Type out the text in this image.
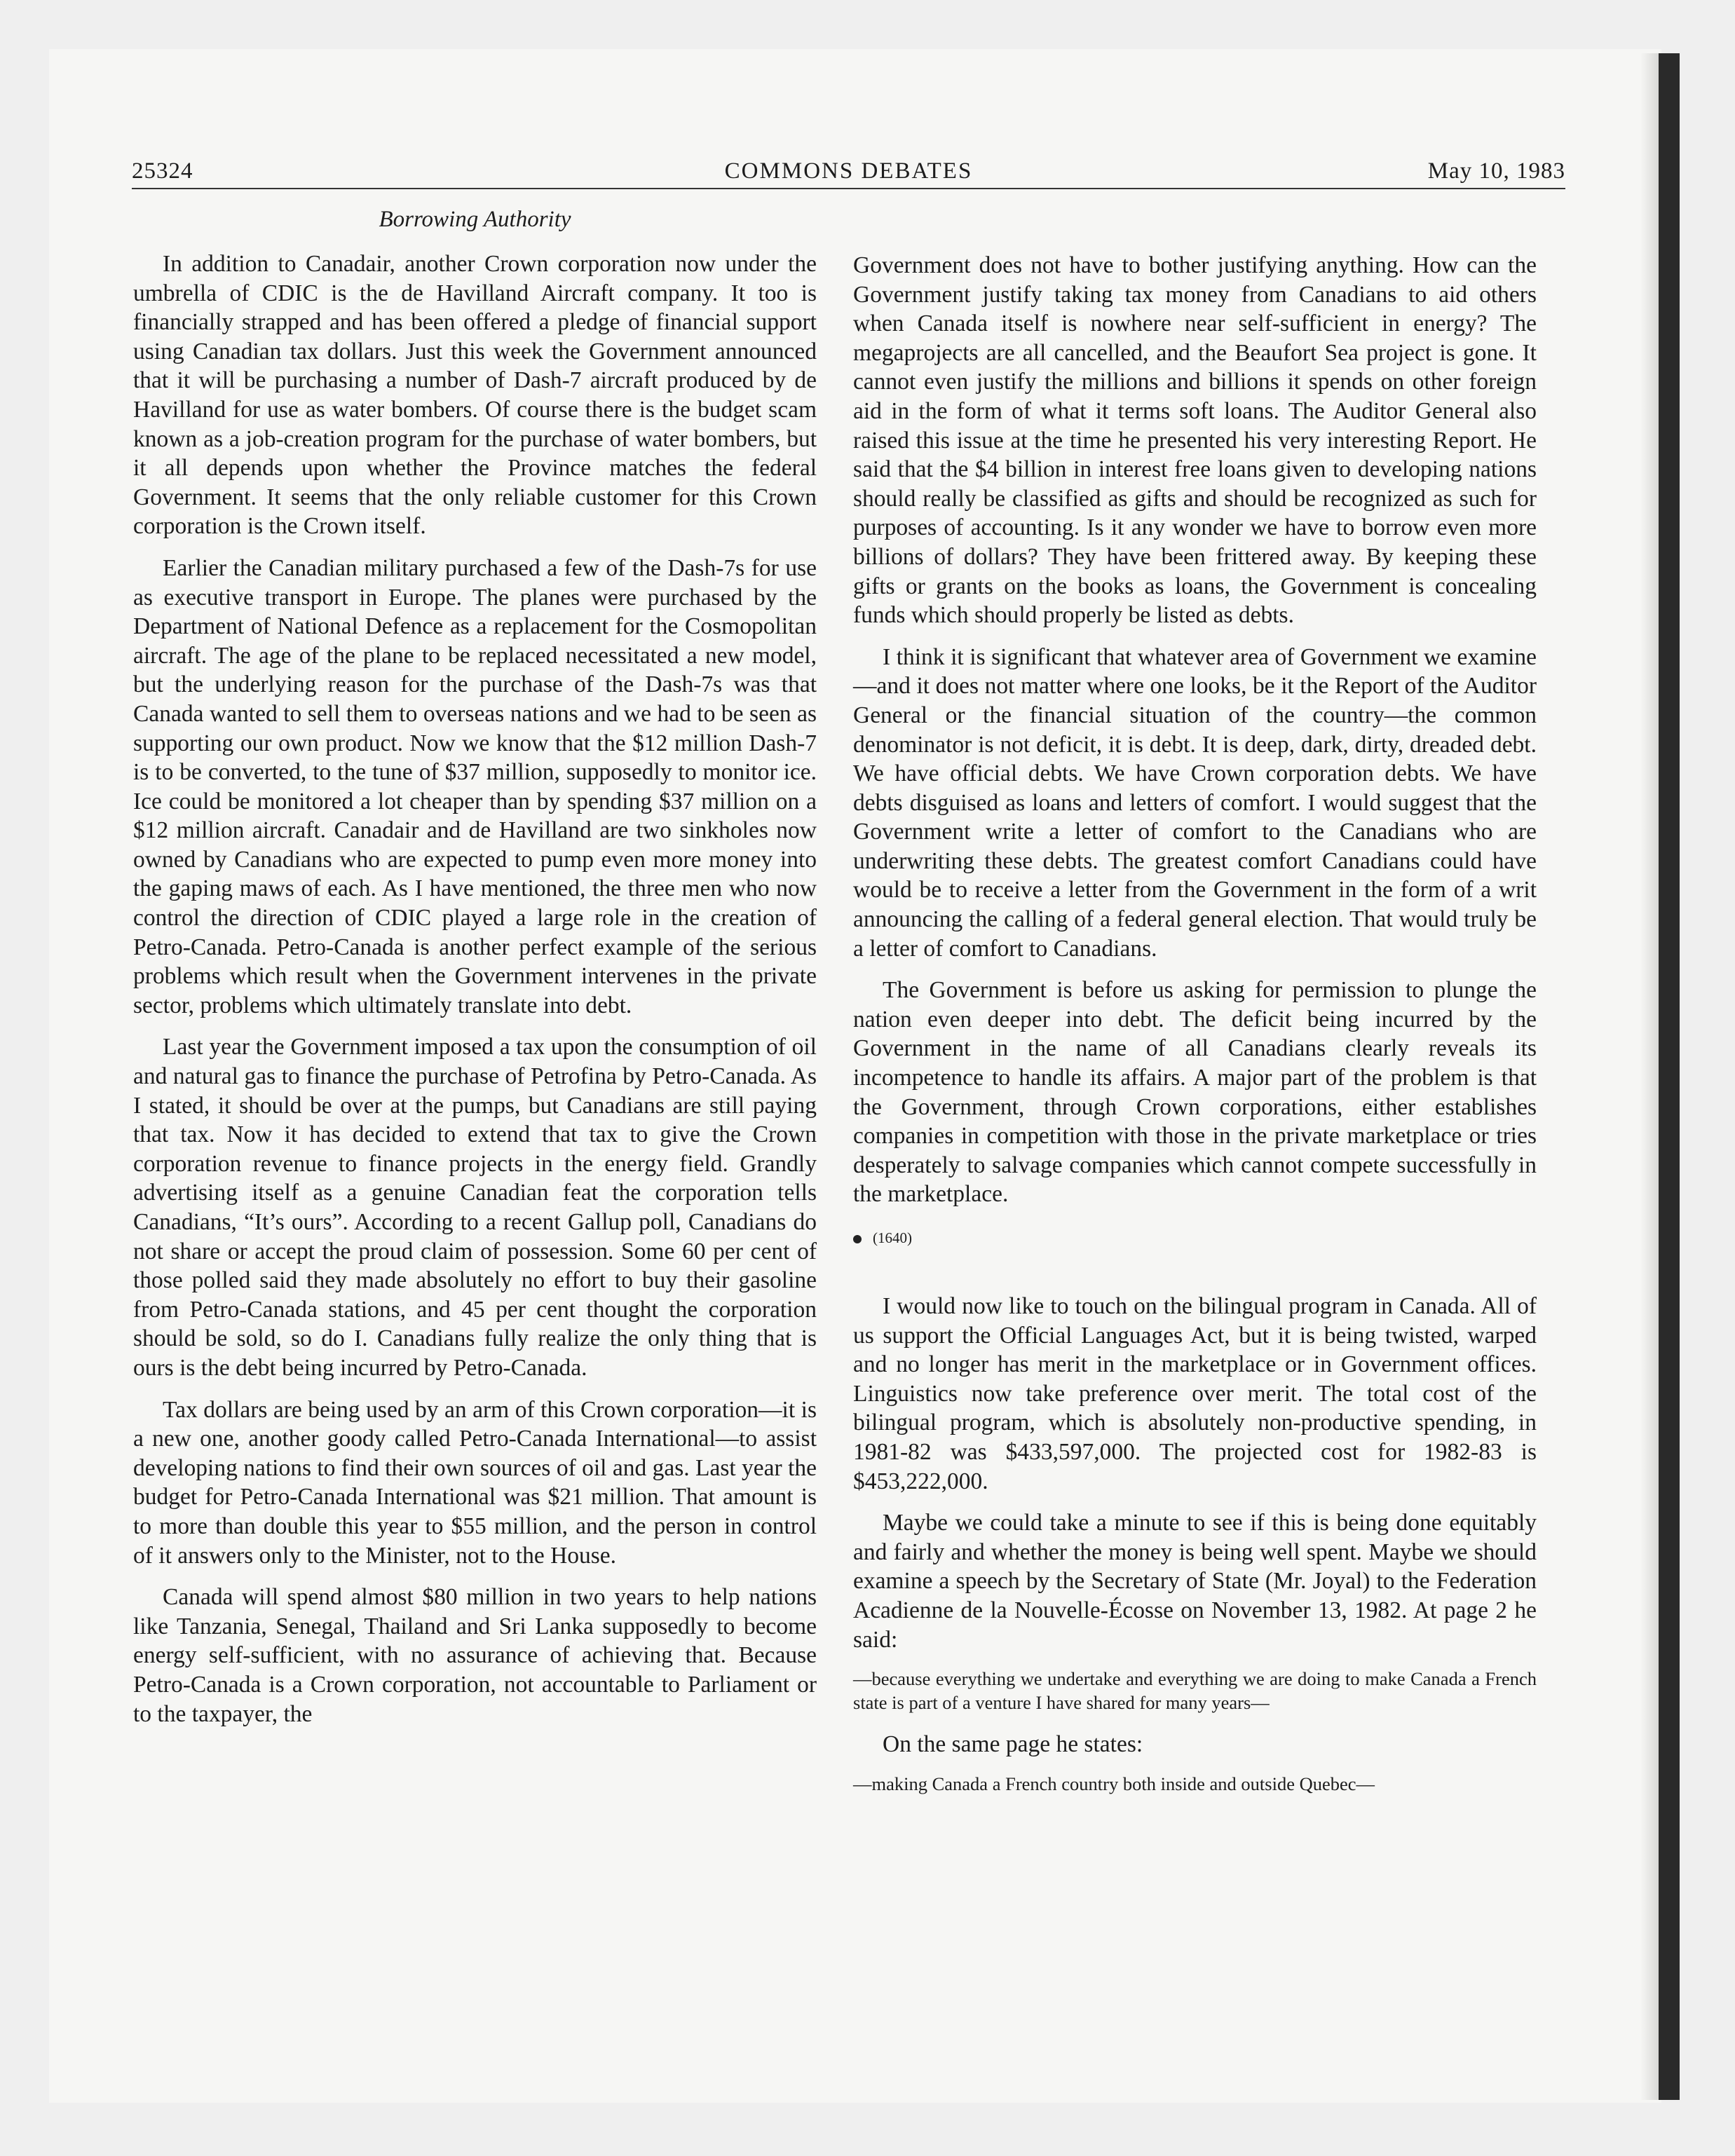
25324	COMMONS DEBATES	May 10, 1983
Borrowing Authority

In addition to Canadair, another Crown corporation now under the umbrella of CDIC is the de Havilland Aircraft company. It too is financially strapped and has been offered a pledge of financial support using Canadian tax dollars. Just this week the Government announced that it will be purchasing a number of Dash-7 aircraft produced by de Havilland for use as water bombers. Of course there is the budget scam known as a job-creation program for the purchase of water bombers, but it all depends upon whether the Province matches the federal Government. It seems that the only reliable customer for this Crown corporation is the Crown itself.

Earlier the Canadian military purchased a few of the Dash-7s for use as executive transport in Europe. The planes were purchased by the Department of National Defence as a replacement for the Cosmopolitan aircraft. The age of the plane to be replaced necessitated a new model, but the underlying reason for the purchase of the Dash-7s was that Canada wanted to sell them to overseas nations and we had to be seen as supporting our own product. Now we know that the $12 million Dash-7 is to be converted, to the tune of $37 million, supposedly to monitor ice. Ice could be monitored a lot cheaper than by spending $37 million on a $12 million aircraft. Canadair and de Havilland are two sinkholes now owned by Canadians who are expected to pump even more money into the gaping maws of each. As I have mentioned, the three men who now control the direction of CDIC played a large role in the creation of Petro-Canada. Petro-Canada is another perfect example of the serious problems which result when the Government intervenes in the private sector, problems which ultimately translate into debt.

Last year the Government imposed a tax upon the consumption of oil and natural gas to finance the purchase of Petrofina by Petro-Canada. As I stated, it should be over at the pumps, but Canadians are still paying that tax. Now it has decided to extend that tax to give the Crown corporation revenue to finance projects in the energy field. Grandly advertising itself as a genuine Canadian feat the corporation tells Canadians, “It’s ours”. According to a recent Gallup poll, Canadians do not share or accept the proud claim of possession. Some 60 per cent of those polled said they made absolutely no effort to buy their gasoline from Petro-Canada stations, and 45 per cent thought the corporation should be sold, so do I. Canadians fully realize the only thing that is ours is the debt being incurred by Petro-Canada.

Tax dollars are being used by an arm of this Crown corporation—it is a new one, another goody called Petro-Canada International—to assist developing nations to find their own sources of oil and gas. Last year the budget for Petro-Canada International was $21 million. That amount is to more than double this year to $55 million, and the person in control of it answers only to the Minister, not to the House.

Canada will spend almost $80 million in two years to help nations like Tanzania, Senegal, Thailand and Sri Lanka supposedly to become energy self-sufficient, with no assurance of achieving that. Because Petro-Canada is a Crown corporation, not accountable to Parliament or to the taxpayer, the

Government does not have to bother justifying anything. How can the Government justify taking tax money from Canadians to aid others when Canada itself is nowhere near self-sufficient in energy? The megaprojects are all cancelled, and the Beaufort Sea project is gone. It cannot even justify the millions and billions it spends on other foreign aid in the form of what it terms soft loans. The Auditor General also raised this issue at the time he presented his very interesting Report. He said that the $4 billion in interest free loans given to developing nations should really be classified as gifts and should be recognized as such for purposes of accounting. Is it any wonder we have to borrow even more billions of dollars? They have been frittered away. By keeping these gifts or grants on the books as loans, the Government is concealing funds which should properly be listed as debts.

I think it is significant that whatever area of Government we examine—and it does not matter where one looks, be it the Report of the Auditor General or the financial situation of the country—the common denominator is not deficit, it is debt. It is deep, dark, dirty, dreaded debt. We have official debts. We have Crown corporation debts. We have debts disguised as loans and letters of comfort. I would suggest that the Government write a letter of comfort to the Canadians who are underwriting these debts. The greatest comfort Canadians could have would be to receive a letter from the Government in the form of a writ announcing the calling of a federal general election. That would truly be a letter of comfort to Canadians.

The Government is before us asking for permission to plunge the nation even deeper into debt. The deficit being incurred by the Government in the name of all Canadians clearly reveals its incompetence to handle its affairs. A major part of the problem is that the Government, through Crown corporations, either establishes companies in competition with those in the private marketplace or tries desperately to salvage companies which cannot compete successfully in the marketplace.

(1640)

I would now like to touch on the bilingual program in Canada. All of us support the Official Languages Act, but it is being twisted, warped and no longer has merit in the marketplace or in Government offices. Linguistics now take preference over merit. The total cost of the bilingual program, which is absolutely non-productive spending, in 1981-82 was $433,597,000. The projected cost for 1982-83 is $453,222,000.

Maybe we could take a minute to see if this is being done equitably and fairly and whether the money is being well spent. Maybe we should examine a speech by the Secretary of State (Mr. Joyal) to the Federation Acadienne de la Nouvelle-Écosse on November 13, 1982. At page 2 he said:

—because everything we undertake and everything we are doing to make Canada a French state is part of a venture I have shared for many years—

On the same page he states:

—making Canada a French country both inside and outside Quebec—
